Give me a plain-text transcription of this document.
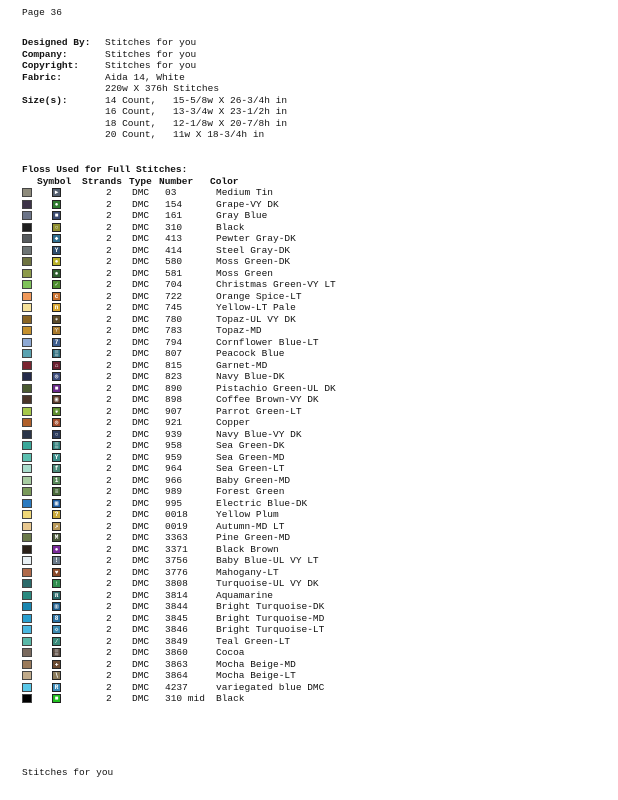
Page 36
Designed By:	Stitches for you
Company:	Stitches for you
Copyright:	Stitches for you
Fabric:	Aida 14, White
220w X 376h Stitches
Size(s):	14 Count,	15-5/8w X 26-3/4h in
16 Count,	13-3/4w X 23-1/2h in
18 Count,	12-1/8w X 20-7/8h in
20 Count,	11w X 18-3/4h in
Floss Used for Full Stitches:
Symbol	Strands Type Number	Color
►	2	DMC	03	Medium Tin
●	2	DMC	154	Grape-VY DK
■	2	DMC	161	Gray Blue
○	2	DMC	310	Black
◆	2	DMC	413	Pewter Gray-DK
Y	2	DMC	414	Steel Gray-DK
●	2	DMC	580	Moss Green-DK
✸	2	DMC	581	Moss Green
✓	2	DMC	704	Christmas Green-VY LT
c	2	DMC	722	Orange Spice-LT
n	2	DMC	745	Yellow-LT Pale
✶	2	DMC	780	Topaz-UL VY DK
♈	2	DMC	783	Topaz-MD
7	2	DMC	794	Cornflower Blue-LT
▒	2	DMC	807	Peacock Blue
⌂	2	DMC	815	Garnet-MD
◎	2	DMC	823	Navy Blue-DK
■	2	DMC	890	Pistachio Green-UL DK
▣	2	DMC	898	Coffee Brown-VY DK
❦	2	DMC	907	Parrot Green-LT
◎	2	DMC	921	Copper
○	2	DMC	939	Navy Blue-VY DK
▒	2	DMC	958	Sea Green-DK
Y	2	DMC	959	Sea Green-MD
f	2	DMC	964	Sea Green-LT
1	2	DMC	966	Baby Green-MD
≡	2	DMC	989	Forest Green
▦	2	DMC	995	Electric Blue-DK
?	2	DMC	0018	Yellow Plum
↗	2	DMC	0019	Autumn-MD LT
M	2	DMC	3363	Pine Green-MD
●	2	DMC	3371	Black Brown
!	2	DMC	3756	Baby Blue-UL VY LT
♥	2	DMC	3776	Mahogany-LT
↑	2	DMC	3808	Turquoise-UL VY DK
π	2	DMC	3814	Aquamarine
▥	2	DMC	3844	Bright Turquoise-DK
8	2	DMC	3845	Bright Turquoise-MD
◇	2	DMC	3846	Bright Turquoise-LT
∕	2	DMC	3849	Teal Green-LT
▒	2	DMC	3860	Cocoa
✚	2	DMC	3863	Mocha Beige-MD
∖	2	DMC	3864	Mocha Beige-LT
R	2	DMC	4237	variegated blue DMC
■	2	DMC	310 mid	Black
Stitches for you
